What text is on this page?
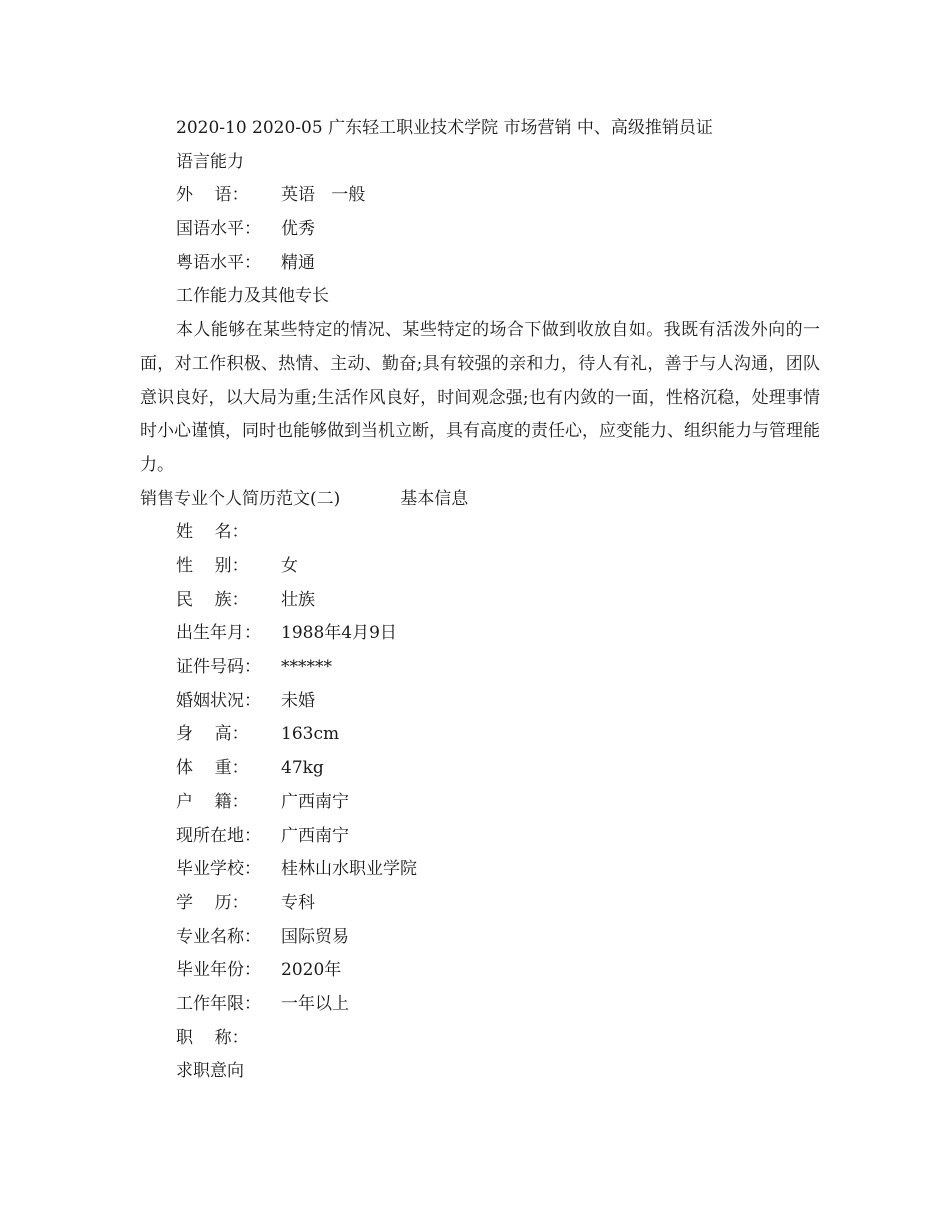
2020-10 2020-05 广东轻工职业技术学院 市场营销 中、高级推销员证
语言能力
外    语：	英语   一般
国语水平：	优秀
粤语水平：	精通
工作能力及其他专长

本人能够在某些特定的情况、某些特定的场合下做到收放自如。我既有活泼外向的一面，对工作积极、热情、主动、勤奋;具有较强的亲和力，待人有礼，善于与人沟通，团队意识良好，以大局为重;生活作风良好，时间观念强;也有内敛的一面，性格沉稳，处理事情时小心谨慎，同时也能够做到当机立断，具有高度的责任心，应变能力、组织能力与管理能力。

销售专业个人简历范文(二)	基本信息
姓    名：
性    别：	女
民    族：	壮族
出生年月：	1988年4月9日
证件号码：	******
婚姻状况：	未婚
身    高：	163cm
体    重：	47kg
户    籍：	广西南宁
现所在地：	广西南宁
毕业学校：	桂林山水职业学院
学    历：	专科
专业名称：	国际贸易
毕业年份：	2020年
工作年限：	一年以上
职    称：
求职意向
